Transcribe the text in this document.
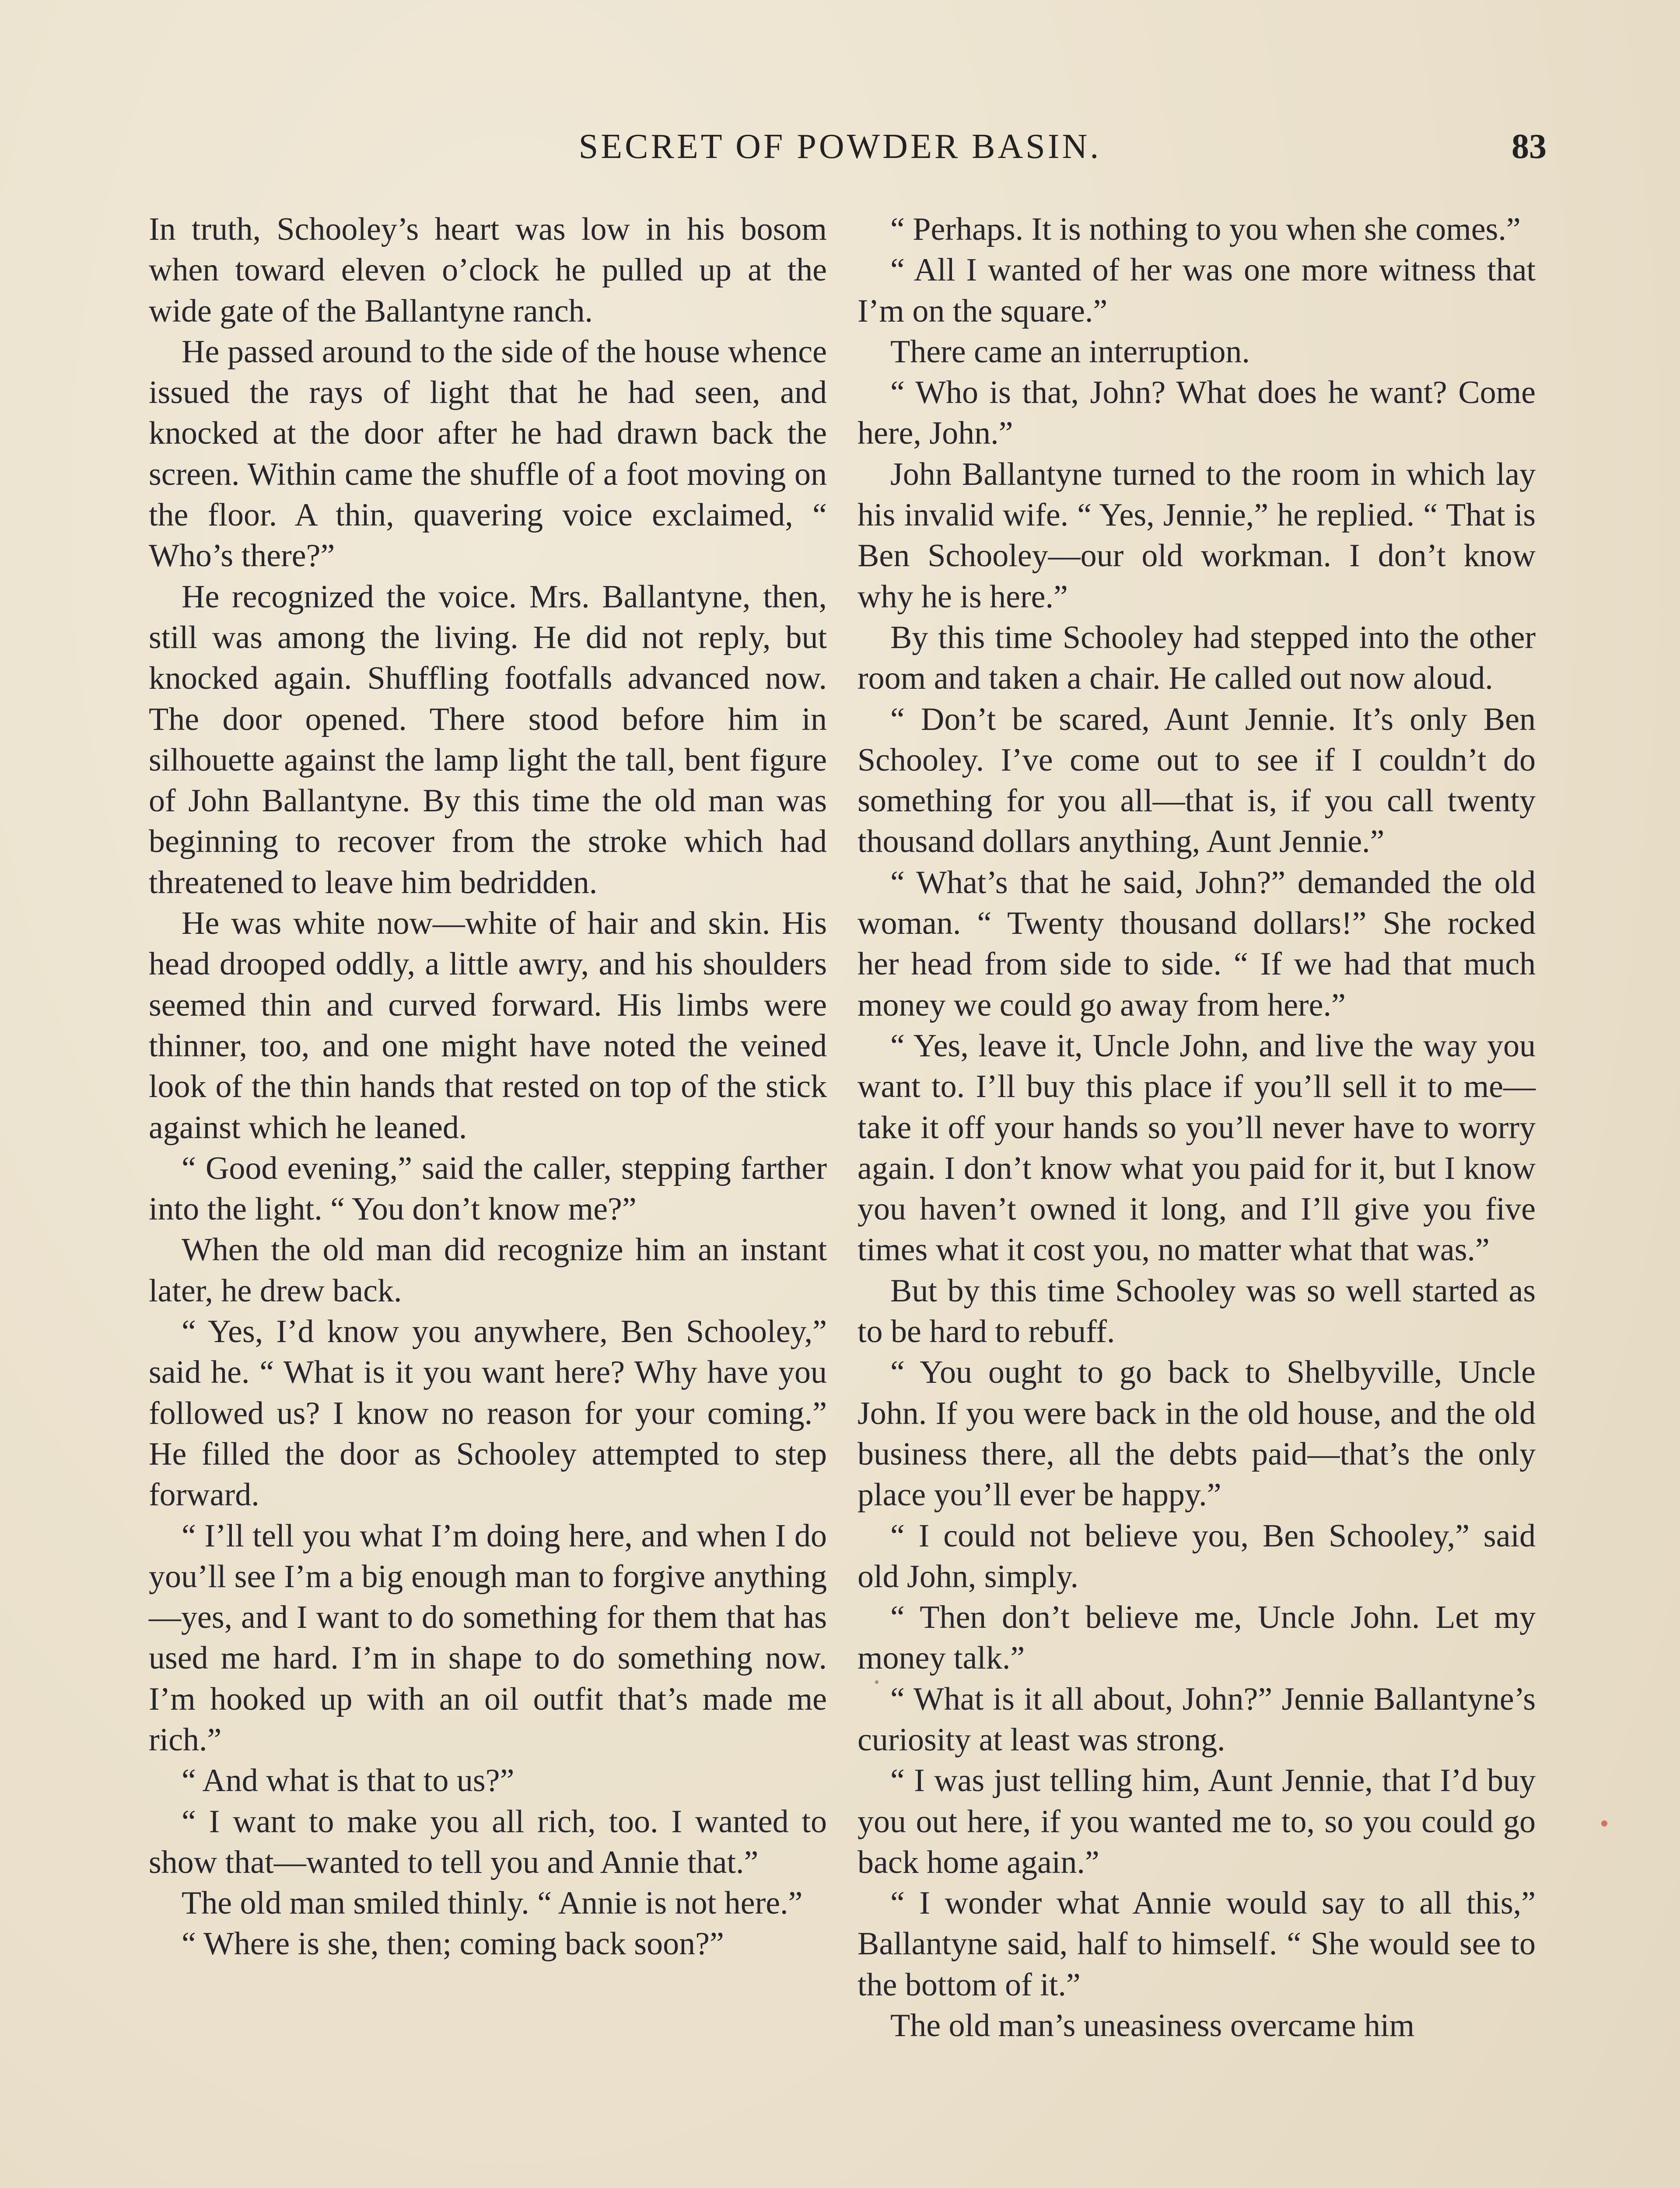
SECRET OF POWDER BASIN.	83

In truth, Schooley’s heart was low in his bosom when toward eleven o’clock he pulled up at the wide gate of the Ballantyne ranch.

He passed around to the side of the house whence issued the rays of light that he had seen, and knocked at the door after he had drawn back the screen. Within came the shuffle of a foot moving on the floor. A thin, quavering voice exclaimed, “ Who’s there?”

He recognized the voice. Mrs. Ballantyne, then, still was among the living. He did not reply, but knocked again. Shuffling footfalls advanced now. The door opened. There stood before him in silhouette against the lamp light the tall, bent figure of John Ballantyne. By this time the old man was beginning to recover from the stroke which had threatened to leave him bedridden.

He was white now—white of hair and skin. His head drooped oddly, a little awry, and his shoulders seemed thin and curved forward. His limbs were thinner, too, and one might have noted the veined look of the thin hands that rested on top of the stick against which he leaned.

“ Good evening,” said the caller, stepping farther into the light. “ You don’t know me?”

When the old man did recognize him an instant later, he drew back.

“ Yes, I’d know you anywhere, Ben Schooley,” said he. “ What is it you want here? Why have you followed us? I know no reason for your coming.” He filled the door as Schooley attempted to step forward.

“ I’ll tell you what I’m doing here, and when I do you’ll see I’m a big enough man to forgive anything—yes, and I want to do something for them that has used me hard. I’m in shape to do something now. I’m hooked up with an oil outfit that’s made me rich.”

“ And what is that to us?”

“ I want to make you all rich, too. I wanted to show that—wanted to tell you and Annie that.”

The old man smiled thinly. “ Annie is not here.”

“ Where is she, then; coming back soon?”

“ Perhaps. It is nothing to you when she comes.”

“ All I wanted of her was one more witness that I’m on the square.”

There came an interruption.

“ Who is that, John? What does he want? Come here, John.”

John Ballantyne turned to the room in which lay his invalid wife. “ Yes, Jennie,” he replied. “ That is Ben Schooley—our old workman. I don’t know why he is here.”

By this time Schooley had stepped into the other room and taken a chair. He called out now aloud.

“ Don’t be scared, Aunt Jennie. It’s only Ben Schooley. I’ve come out to see if I couldn’t do something for you all—that is, if you call twenty thousand dollars anything, Aunt Jennie.”

“ What’s that he said, John?” demanded the old woman. “ Twenty thousand dollars!” She rocked her head from side to side. “ If we had that much money we could go away from here.”

“ Yes, leave it, Uncle John, and live the way you want to. I’ll buy this place if you’ll sell it to me—take it off your hands so you’ll never have to worry again. I don’t know what you paid for it, but I know you haven’t owned it long, and I’ll give you five times what it cost you, no matter what that was.”

But by this time Schooley was so well started as to be hard to rebuff.

“ You ought to go back to Shelbyville, Uncle John. If you were back in the old house, and the old business there, all the debts paid—that’s the only place you’ll ever be happy.”

“ I could not believe you, Ben Schooley,” said old John, simply.

“ Then don’t believe me, Uncle John. Let my money talk.”

“ What is it all about, John?” Jennie Ballantyne’s curiosity at least was strong.

“ I was just telling him, Aunt Jennie, that I’d buy you out here, if you wanted me to, so you could go back home again.”

“ I wonder what Annie would say to all this,” Ballantyne said, half to himself. “ She would see to the bottom of it.”

The old man’s uneasiness overcame him
